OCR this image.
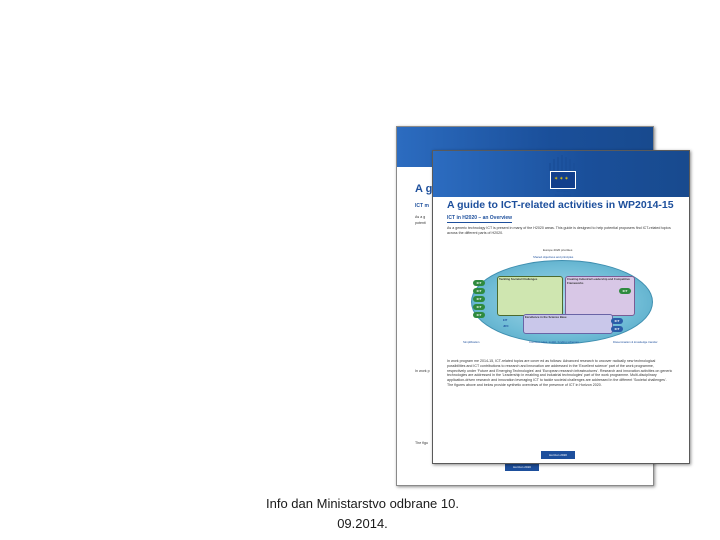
A g
ICT m
As a g
potenti
In work p
The figu
Horizon 2020
✶✶✶
European
Commission
A guide to ICT-related activities in WP2014-15
ICT in H2020 – an Overview
As a generic technology ICT is present in many of the H2020 areas. This guide is designed to help potential proposers find ICT-related topics across the different parts of H2020.
Europe 2020 priorities
Shared objectives and principles
Tackling Societal Challenges	Creating Industrial Leadership and Competitive Frameworks
Excellence in the Science Base
ICT
ICT
ICT
ICT
ICT
ICT
ICT
ICT
EIT
JRC
Simplification	Common rules, toolkit, funding schemes	Dissemination & knowledge transfer
In work program me 2014-15, ICT-related topics are cover ed as follows: Advanced research to uncover radically new technological possibilities and ICT contributions to research and innovation are addressed in the 'Excellent science' part of the work programme, respectively under 'Future and Emerging Technologies' and 'European research infrastructures'. Research and innovation activities on generic technologies are addressed in the 'Leadership in enabling and industrial technologies' part of the work programme. Multi-disciplinary application-driven research and innovation leveraging ICT to tackle societal challenges are addressed in the different 'Societal challenges'. The figures above and below provide synthetic overviews of the presence of ICT in Horizon 2020.
Horizon 2020
Info dan Ministarstvo odbrane 10. 09.2014.
